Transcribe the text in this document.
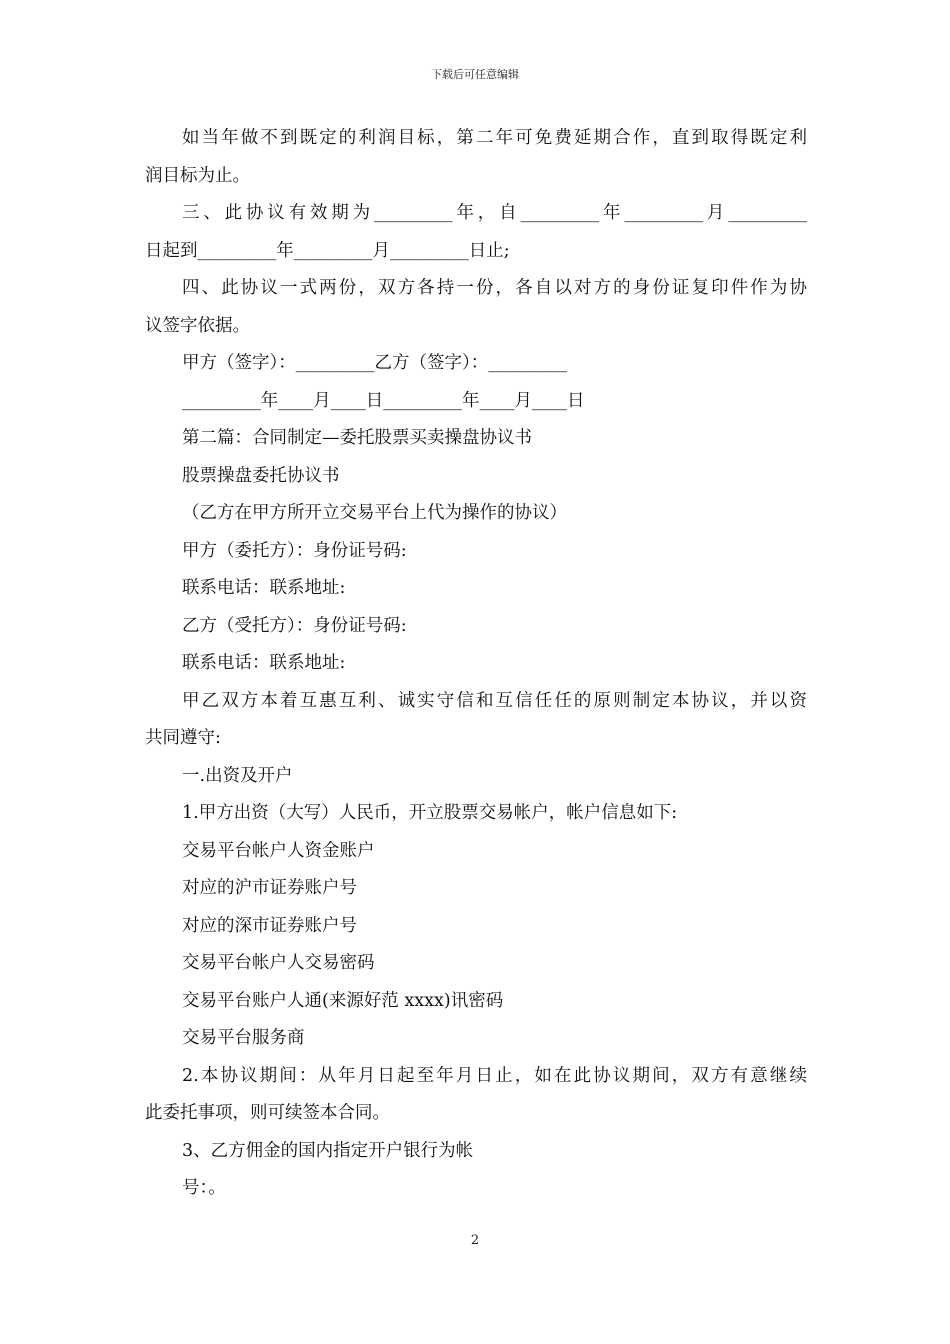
下载后可任意编辑

如当年做不到既定的利润目标，第二年可免费延期合作，直到取得既定利

润目标为止。

三、此协议有效期为_________年，自_________年_________月_________

日起到_________年_________月_________日止;

四、此协议一式两份，双方各持一份，各自以对方的身份证复印件作为协

议签字依据。

甲方（签字）：_________乙方（签字）：_________

_________年____月____日_________年____月____日

第二篇：合同制定—委托股票买卖操盘协议书

股票操盘委托协议书

（乙方在甲方所开立交易平台上代为操作的协议）

甲方（委托方）：身份证号码:

联系电话：联系地址:

乙方（受托方）：身份证号码:

联系电话：联系地址:

甲乙双方本着互惠互利、诚实守信和互信任任的原则制定本协议，并以资

共同遵守:

一.出资及开户

1.甲方出资（大写）人民币，开立股票交易帐户，帐户信息如下:

交易平台帐户人资金账户

对应的沪市证券账户号

对应的深市证券账户号

交易平台帐户人交易密码

交易平台账户人通(来源好范 xxxx)讯密码

交易平台服务商

2.本协议期间：从年月日起至年月日止，如在此协议期间，双方有意继续

此委托事项，则可续签本合同。

3、乙方佣金的国内指定开户银行为帐

号：。

2
